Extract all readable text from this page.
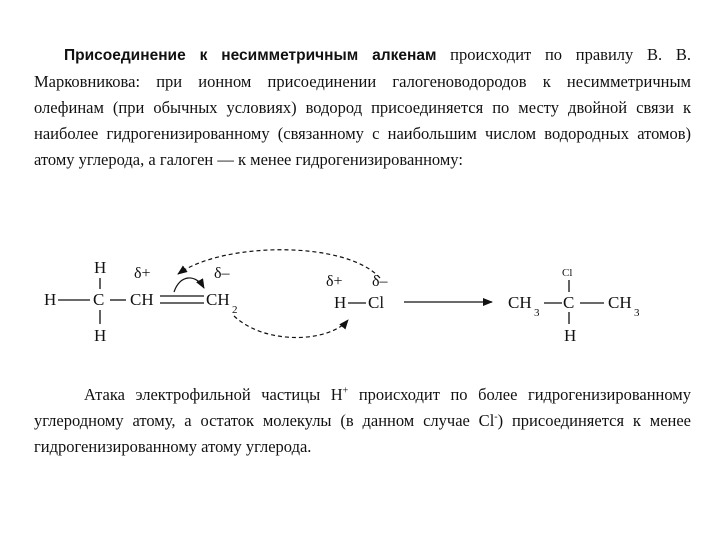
Присоединение к несимметричным алкенам происходит по правилу В. В. Марковникова: при ионном присоединении галогеноводородов к несимметричным олефинам (при обычных условиях) водород присоединяется по месту двойной связи к наиболее гидрогенизированному (связанному с наибольшим числом водородных атомов) атому углерода, а галоген — к менее гидрогенизированному:

H
H C
H
δ+
CH
δ–
CH
2
δ+ δ–
H Cl	CH
3
C
Cl
H
CH
3

Атака электрофильной частицы H+ происходит по более гидрогенизированному углеродному атому, а остаток молекулы (в данном случае Cl-) присоединяется к менее гидрогенизированному атому углерода.
